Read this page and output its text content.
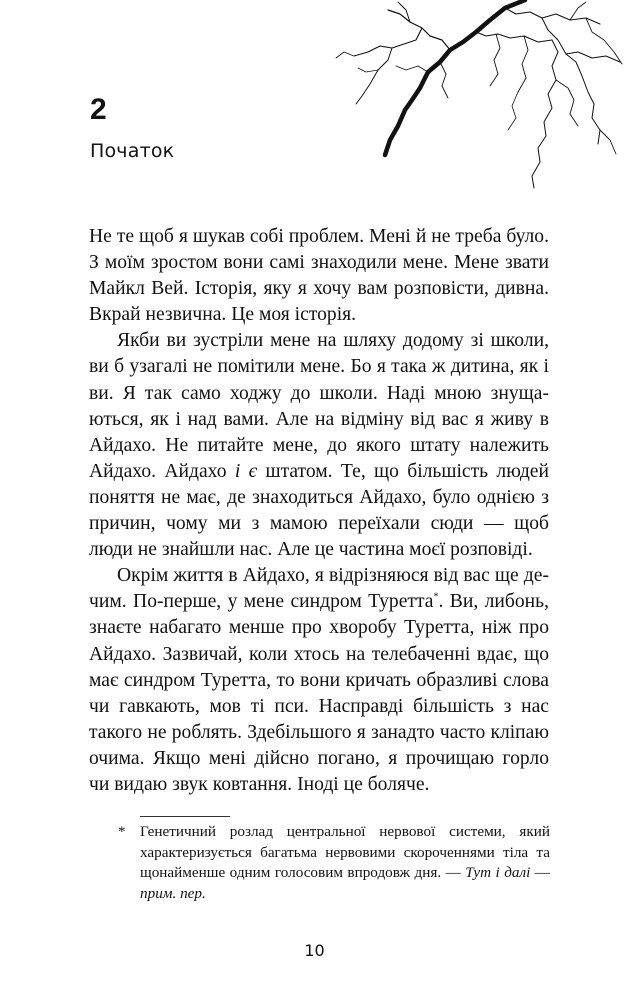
2
Початок

Не те щоб я шукав собі проблем. Мені й не треба було. З моїм зростом вони самі знаходили мене. Мене звати Майкл Вей. Історія, яку я хочу вам розповісти, дивна. Вкрай незвична. Це моя історія.

Якби ви зустріли мене на шляху додому зі школи, ви б узагалі не помітили мене. Бо я така ж дитина, як і ви. Я так само ходжу до школи. Наді мною знущаються, як і над вами. Але на відміну від вас я живу в Айдахо. Не питайте мене, до якого штату належить Айдахо. Айдахо і є штатом. Те, що більшість людей поняття не має, де знаходиться Айдахо, було однією з причин, чому ми з мамою переїхали сюди — щоб люди не знайшли нас. Але це частина моєї розповіді.

Окрім життя в Айдахо, я відрізняюся від вас ще дечим. По-перше, у мене синдром Туретта*. Ви, либонь, знаєте набагато менше про хворобу Туретта, ніж про Айдахо. Зазвичай, коли хтось на телебаченні вдає, що має синдром Туретта, то вони кричать образливі слова чи гавкають, мов ті пси. Насправді більшість з нас такого не роблять. Здебільшого я занадто часто кліпаю очима. Якщо мені дійсно погано, я прочищаю горло чи видаю звук ковтання. Іноді це боляче.

* Генетичний розлад центральної нервової системи, який характеризується багатьма нервовими скороченнями тіла та щонайменше одним голосовим впродовж дня. — Тут і далі — прим. пер.
10
